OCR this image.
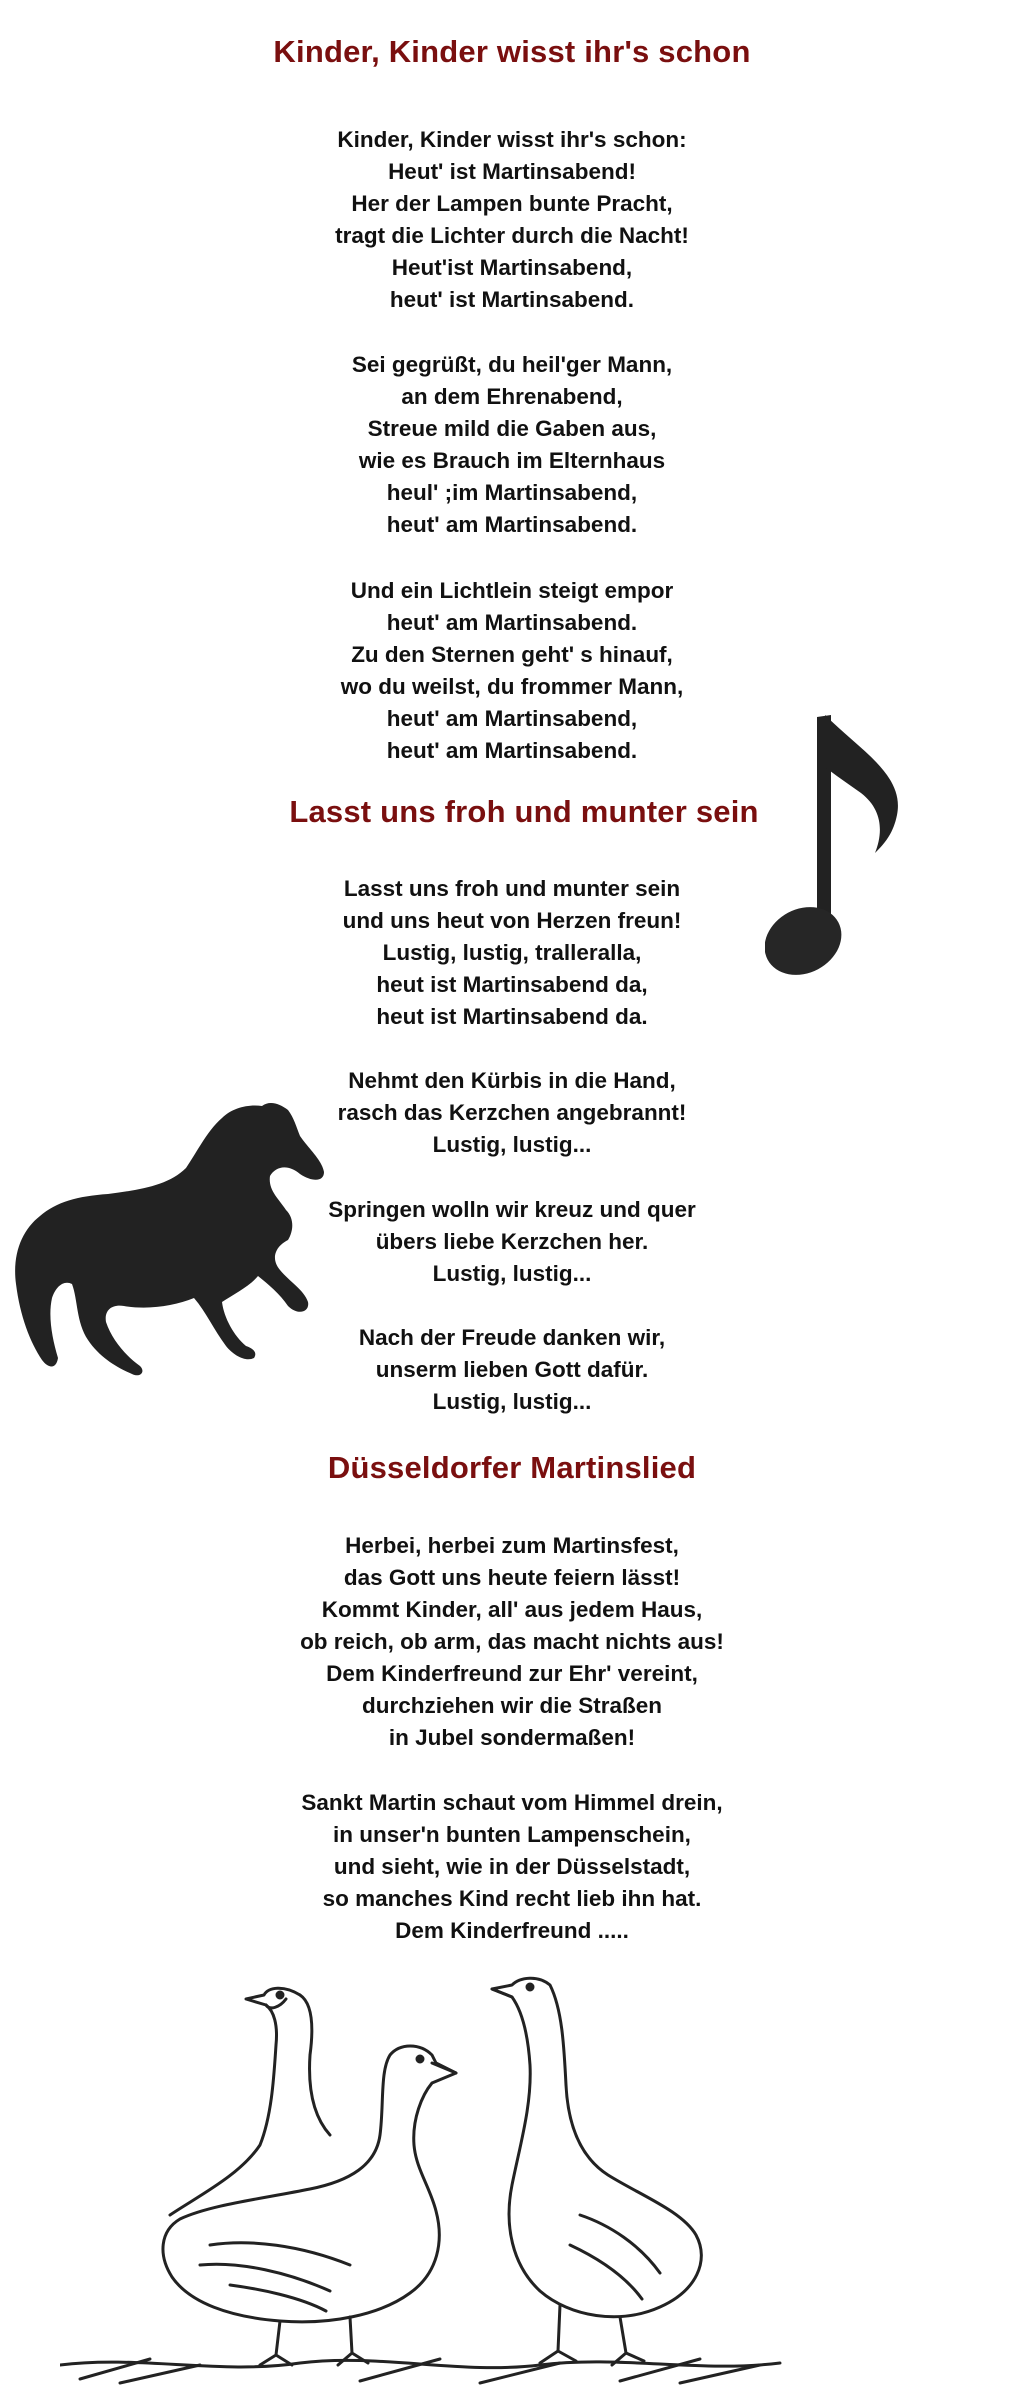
Kinder, Kinder wisst ihr's schon
Kinder, Kinder wisst ihr's schon:
Heut' ist Martinsabend!
Her der Lampen bunte Pracht,
tragt die Lichter durch die Nacht!
Heut'ist Martinsabend,
heut' ist Martinsabend.
Sei gegrüßt, du heil'ger Mann,
an dem Ehrenabend,
Streue mild die Gaben aus,
wie es Brauch im Elternhaus
heul' ;im Martinsabend,
heut' am Martinsabend.
Und ein Lichtlein steigt empor
heut' am Martinsabend.
Zu den Sternen geht' s hinauf,
wo du weilst, du frommer Mann,
heut' am Martinsabend,
heut' am Martinsabend.
Lasst uns froh und munter sein
Lasst uns froh und munter sein
und uns heut von Herzen freun!
Lustig, lustig, tralleralla,
heut ist Martinsabend da,
heut ist Martinsabend da.
Nehmt den Kürbis in die Hand,
rasch das Kerzchen angebrannt!
Lustig, lustig...
Springen wolln wir kreuz und quer
übers liebe Kerzchen her.
Lustig, lustig...
Nach der Freude danken wir,
unserm lieben Gott dafür.
Lustig, lustig...
Düsseldorfer Martinslied
Herbei, herbei zum Martinsfest,
das Gott uns heute feiern lässt!
Kommt Kinder, all' aus jedem Haus,
ob reich, ob arm, das macht nichts aus!
Dem Kinderfreund zur Ehr' vereint,
durchziehen wir die Straßen
in Jubel sondermaßen!
Sankt Martin schaut vom Himmel drein,
in unser'n bunten Lampenschein,
und sieht, wie in der Düsselstadt,
so manches Kind recht lieb ihn hat.
Dem Kinderfreund .....
